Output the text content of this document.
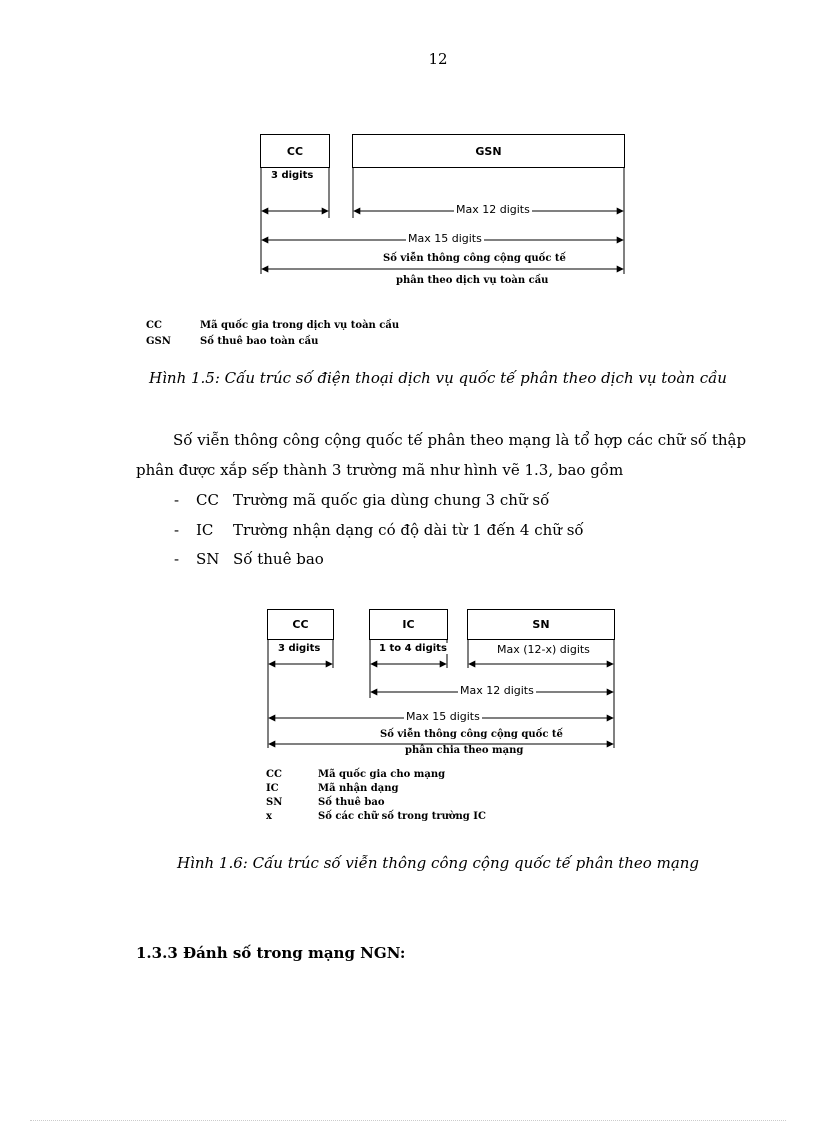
12
CC	GSN
3 digits
Max 12 digits
Max 15 digits
Số viễn thông công cộng quốc tế
phân theo dịch vụ toàn cầu
CC	Mã quốc gia trong dịch vụ toàn cầu
GSN	Số thuê bao toàn cầu
Hình 1.5: Cấu trúc số điện thoại dịch vụ quốc tế phân theo dịch vụ toàn cầu
Số viễn thông công cộng quốc tế phân theo mạng là tổ hợp các chữ số thập
phân được xắp sếp thành 3 trường mã như hình vẽ 1.3, bao gồm
- CC Trường mã quốc gia dùng chung 3 chữ số
- IC Trường nhận dạng có độ dài từ 1 đến 4 chữ số
- SN Số thuê bao
CC	IC	SN
3 digits	1 to 4 digits	Max (12-x) digits
Max 12 digits
Max 15 digits
Số viễn thông công cộng quốc tế
phân chia theo mạng
CC	Mã quốc gia cho mạng
IC	Mã nhận dạng
SN	Số thuê bao
x	Số các chữ số trong trường IC
Hình 1.6: Cấu trúc số viễn thông công cộng quốc tế phân theo mạng
1.3.3 Đánh số trong mạng NGN:
